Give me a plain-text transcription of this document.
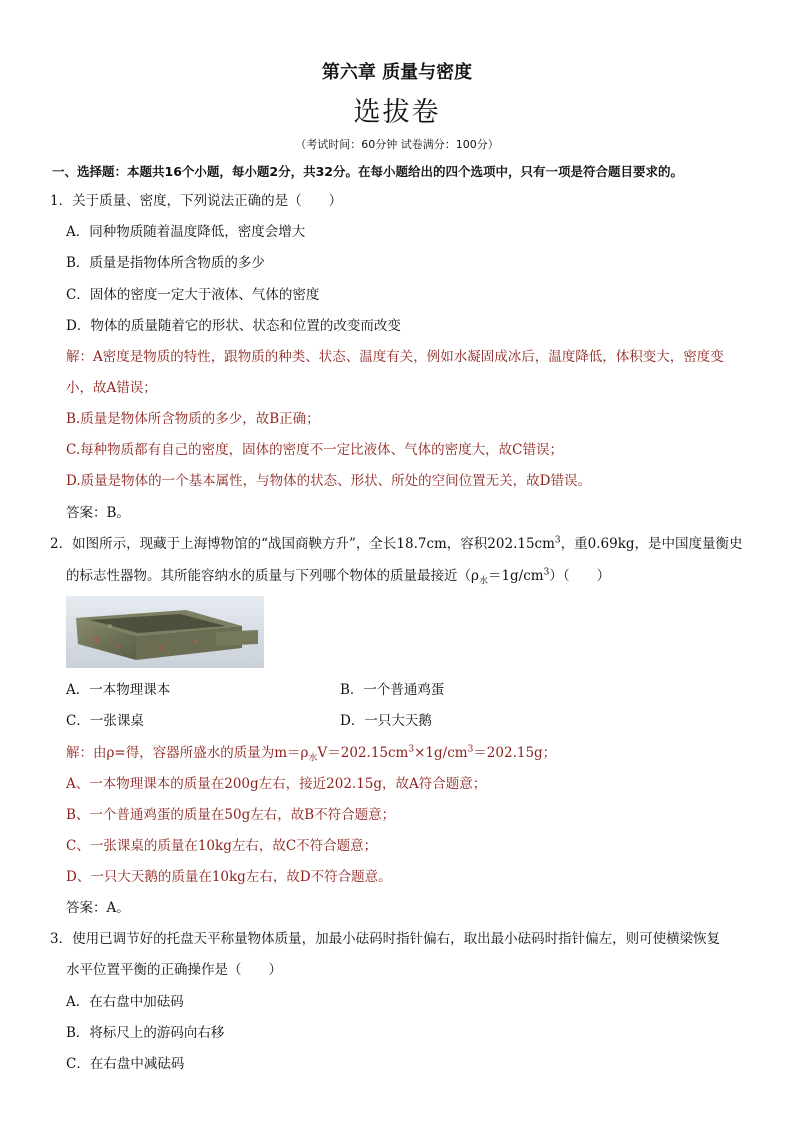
第六章 质量与密度
选拔卷
（考试时间：60分钟 试卷满分：100分）
一、选择题：本题共16个小题，每小题2分，共32分。在每小题给出的四个选项中，只有一项是符合题目要求的。
1．关于质量、密度，下列说法正确的是（　　）
A．同种物质随着温度降低，密度会增大
B．质量是指物体所含物质的多少
C．固体的密度一定大于液体、气体的密度
D．物体的质量随着它的形状、状态和位置的改变而改变
解：A密度是物质的特性，跟物质的种类、状态、温度有关，例如水凝固成冰后，温度降低，体积变大，密度变
小，故A错误；
B.质量是物体所含物质的多少，故B正确；
C.每种物质都有自己的密度，固体的密度不一定比液体、气体的密度大，故C错误；
D.质量是物体的一个基本属性，与物体的状态、形状、所处的空间位置无关，故D错误。
答案：B。
2．如图所示，现藏于上海博物馆的“战国商鞅方升”，全长18.7cm，容积$202.15cm^3$，重0.69kg，是中国度量衡史
的标志性器物。其所能容纳水的质量与下列哪个物体的质量最接近$(\rho_水=1g/cm^3)$（　　）
A．一本物理课本	B．一个普通鸡蛋
C．一张课桌	D．一只大天鹅
解：由ρ=得，容器所盛水的质量为$m=\rho_水V=202.15cm^3\times 1g/cm^3=202.15g$；
A、一本物理课本的质量在200g左右，接近202.15g，故A符合题意；
B、一个普通鸡蛋的质量在50g左右，故B不符合题意；
C、一张课桌的质量在10kg左右，故C不符合题意；
D、一只大天鹅的质量在10kg左右，故D不符合题意。
答案：A。
3．使用已调节好的托盘天平称量物体质量，加最小砝码时指针偏右，取出最小砝码时指针偏左，则可使横梁恢复
水平位置平衡的正确操作是（　　）
A．在右盘中加砝码
B．将标尺上的游码向右移
C．在右盘中减砝码
